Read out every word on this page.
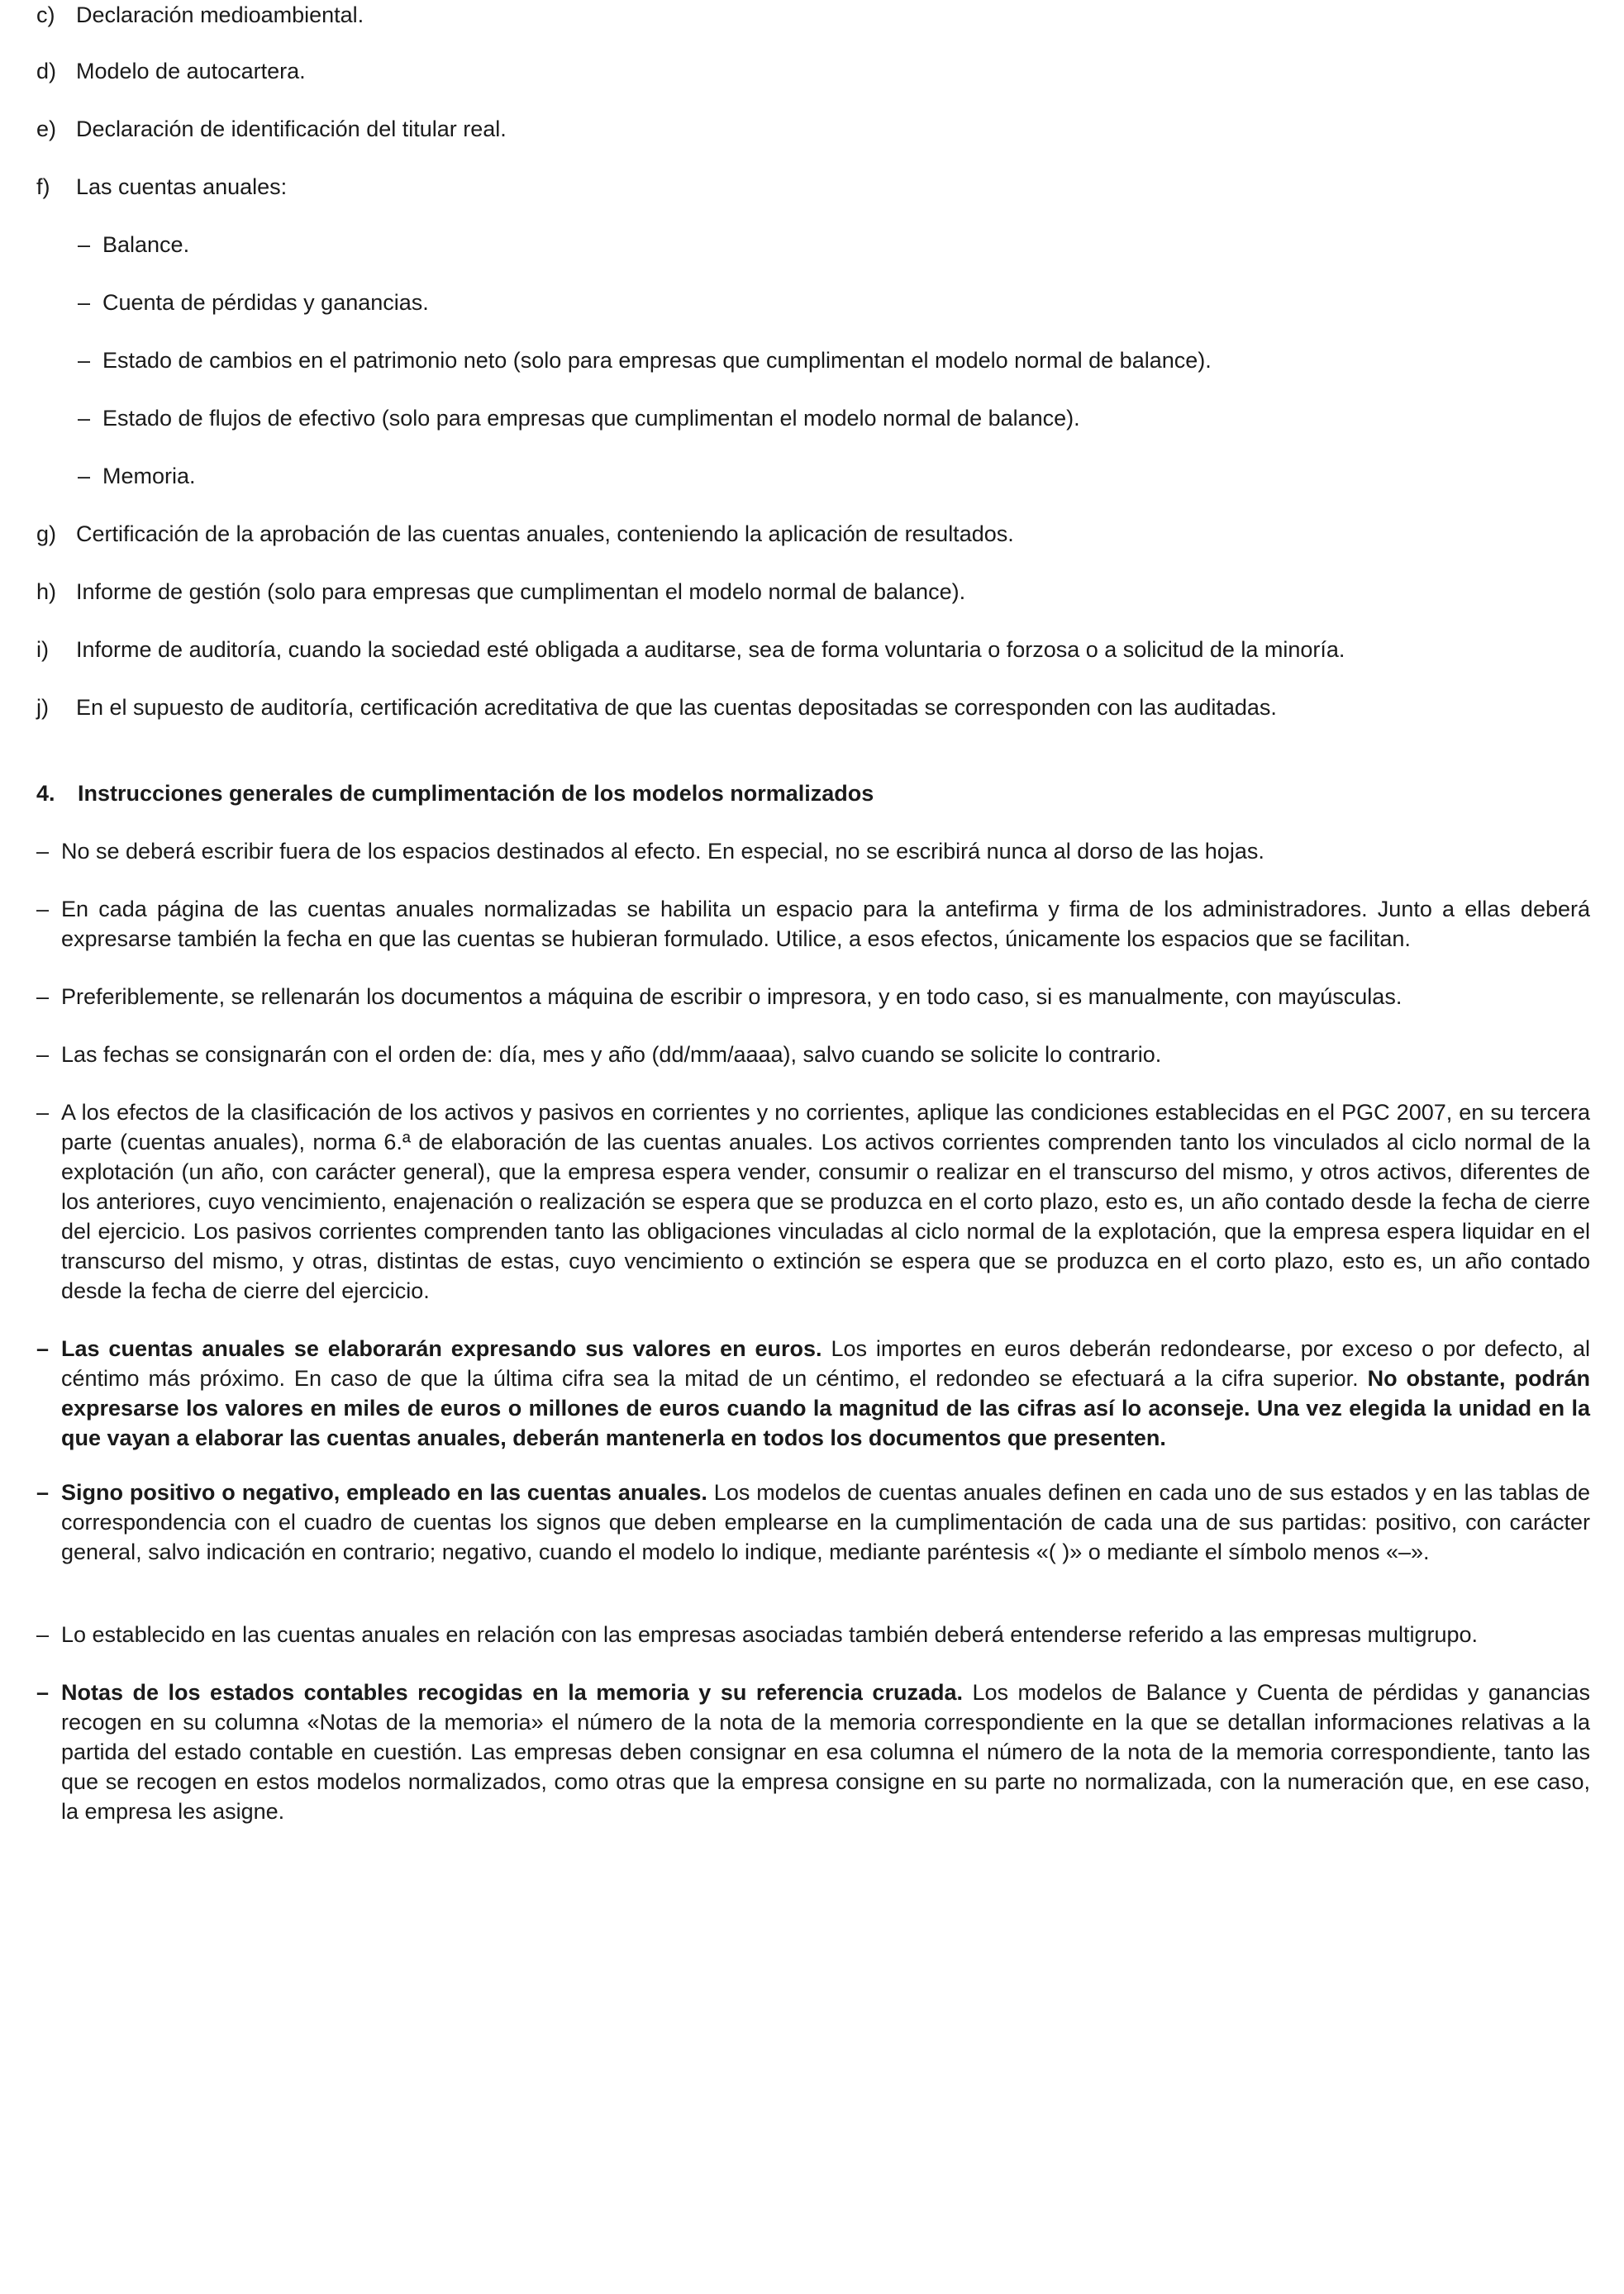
c) Declaración medioambiental.
d) Modelo de autocartera.
e) Declaración de identificación del titular real.
f)	Las cuentas anuales:
– Balance.
– Cuenta de pérdidas y ganancias.
– Estado de cambios en el patrimonio neto (solo para empresas que cumplimentan el modelo normal de balance).
– Estado de flujos de efectivo (solo para empresas que cumplimentan el modelo normal de balance).
– Memoria.
g) Certificación de la aprobación de las cuentas anuales, conteniendo la aplicación de resultados.
h) Informe de gestión (solo para empresas que cumplimentan el modelo normal de balance).
i)	Informe de auditoría, cuando la sociedad esté obligada a auditarse, sea de forma voluntaria o forzosa o a solicitud de la minoría.
j)	En el supuesto de auditoría, certificación acreditativa de que las cuentas depositadas se corresponden con las auditadas.
4. Instrucciones generales de cumplimentación de los modelos normalizados
– No se deberá escribir fuera de los espacios destinados al efecto. En especial, no se escribirá nunca al dorso de las hojas.
– En cada página de las cuentas anuales normalizadas se habilita un espacio para la antefirma y firma de los administradores. Junto a ellas deberá expresarse también la fecha en que las cuentas se hubieran formulado. Utilice, a esos efectos, únicamente los espacios que se facilitan.
– Preferiblemente, se rellenarán los documentos a máquina de escribir o impresora, y en todo caso, si es manualmente, con mayúsculas.
– Las fechas se consignarán con el orden de: día, mes y año (dd/mm/aaaa), salvo cuando se solicite lo contrario.
– A los efectos de la clasificación de los activos y pasivos en corrientes y no corrientes, aplique las condiciones establecidas en el PGC 2007, en su tercera parte (cuentas anuales), norma 6.ª de elaboración de las cuentas anuales. Los activos corrientes comprenden tanto los vinculados al ciclo normal de la explotación (un año, con carácter general), que la empresa espera vender, consumir o realizar en el transcurso del mismo, y otros activos, diferentes de los anteriores, cuyo vencimiento, enajenación o realización se espera que se produzca en el corto plazo, esto es, un año contado desde la fecha de cierre del ejercicio. Los pasivos corrientes comprenden tanto las obligaciones vinculadas al ciclo normal de la explotación, que la empresa espera liquidar en el transcurso del mismo, y otras, distintas de estas, cuyo vencimiento o extinción se espera que se produzca en el corto plazo, esto es, un año contado desde la fecha de cierre del ejercicio.
– Las cuentas anuales se elaborarán expresando sus valores en euros. Los importes en euros deberán redondearse, por exceso o por defecto, al céntimo más próximo. En caso de que la última cifra sea la mitad de un céntimo, el redondeo se efectuará a la cifra superior. No obstante, podrán expresarse los valores en miles de euros o millones de euros cuando la magnitud de las cifras así lo aconseje. Una vez elegida la unidad en la que vayan a elaborar las cuentas anuales, deberán mantenerla en todos los documentos que presenten.
– Signo positivo o negativo, empleado en las cuentas anuales. Los modelos de cuentas anuales definen en cada uno de sus estados y en las tablas de correspondencia con el cuadro de cuentas los signos que deben emplearse en la cumplimentación de cada una de sus partidas: positivo, con carácter general, salvo indicación en contrario; negativo, cuando el modelo lo indique, mediante paréntesis «( )» o mediante el símbolo menos «–».
– Lo establecido en las cuentas anuales en relación con las empresas asociadas también deberá entenderse referido a las empresas multigrupo.
– Notas de los estados contables recogidas en la memoria y su referencia cruzada. Los modelos de Balance y Cuenta de pérdidas y ganancias recogen en su columna «Notas de la memoria» el número de la nota de la memoria correspondiente en la que se detallan informaciones relativas a la partida del estado contable en cuestión. Las empresas deben consignar en esa columna el número de la nota de la memoria correspondiente, tanto las que se recogen en estos modelos normalizados, como otras que la empresa consigne en su parte no normalizada, con la numeración que, en ese caso, la empresa les asigne.
